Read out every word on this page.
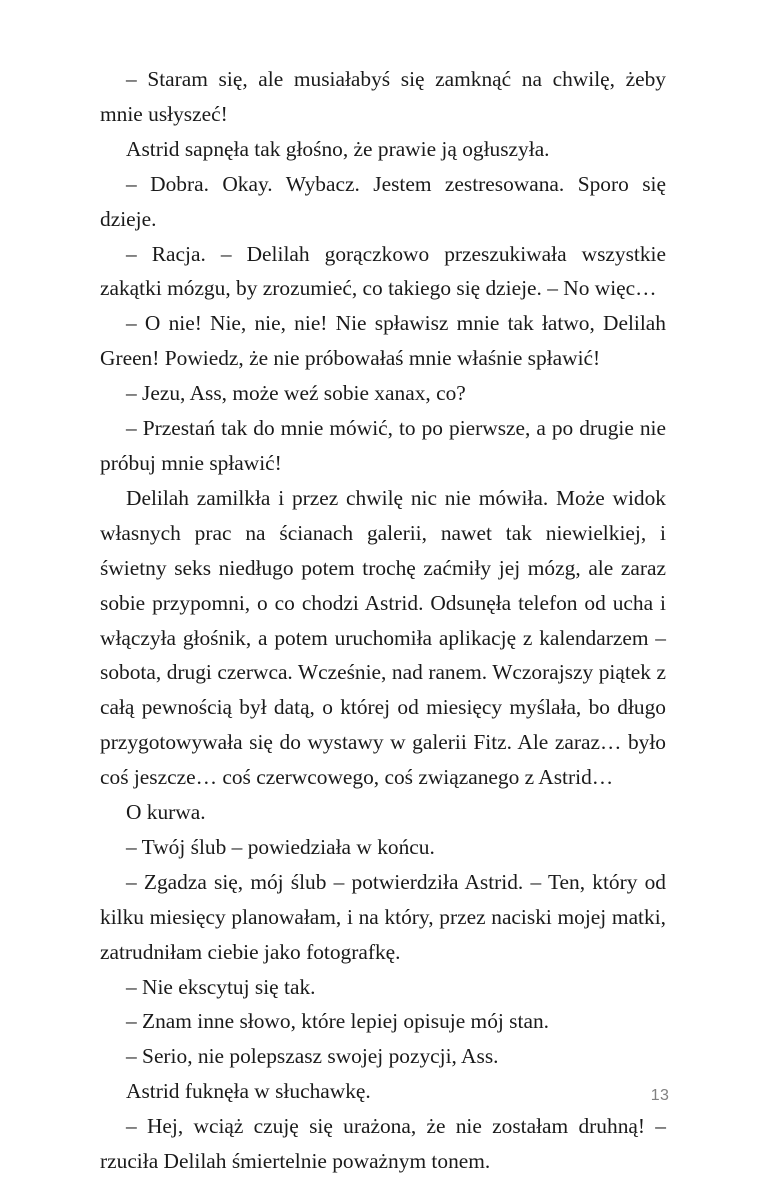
– Staram się, ale musiałabyś się zamknąć na chwilę, żeby mnie usłyszeć!

Astrid sapnęła tak głośno, że prawie ją ogłuszyła.

– Dobra. Okay. Wybacz. Jestem zestresowana. Sporo się dzieje.

– Racja. – Delilah gorączkowo przeszukiwała wszystkie zakątki mózgu, by zrozumieć, co takiego się dzieje. – No więc…

– O nie! Nie, nie, nie! Nie spławisz mnie tak łatwo, Delilah Green! Powiedz, że nie próbowałaś mnie właśnie spławić!

– Jezu, Ass, może weź sobie xanax, co?

– Przestań tak do mnie mówić, to po pierwsze, a po drugie nie próbuj mnie spławić!

Delilah zamilkła i przez chwilę nic nie mówiła. Może widok własnych prac na ścianach galerii, nawet tak niewielkiej, i świetny seks niedługo potem trochę zaćmiły jej mózg, ale zaraz sobie przypomni, o co chodzi Astrid. Odsunęła telefon od ucha i włączyła głośnik, a potem uruchomiła aplikację z kalendarzem – sobota, drugi czerwca. Wcześnie, nad ranem. Wczorajszy piątek z całą pewnością był datą, o której od miesięcy myślała, bo długo przygotowywała się do wystawy w galerii Fitz. Ale zaraz… było coś jeszcze… coś czerwcowego, coś związanego z Astrid…

O kurwa.

– Twój ślub – powiedziała w końcu.

– Zgadza się, mój ślub – potwierdziła Astrid. – Ten, który od kilku miesięcy planowałam, i na który, przez naciski mojej matki, zatrudniłam ciebie jako fotografkę.

– Nie ekscytuj się tak.

– Znam inne słowo, które lepiej opisuje mój stan.

– Serio, nie polepszasz swojej pozycji, Ass.

Astrid fuknęła w słuchawkę.

– Hej, wciąż czuję się urażona, że nie zostałam druhną! – rzuciła Delilah śmiertelnie poważnym tonem.

13
